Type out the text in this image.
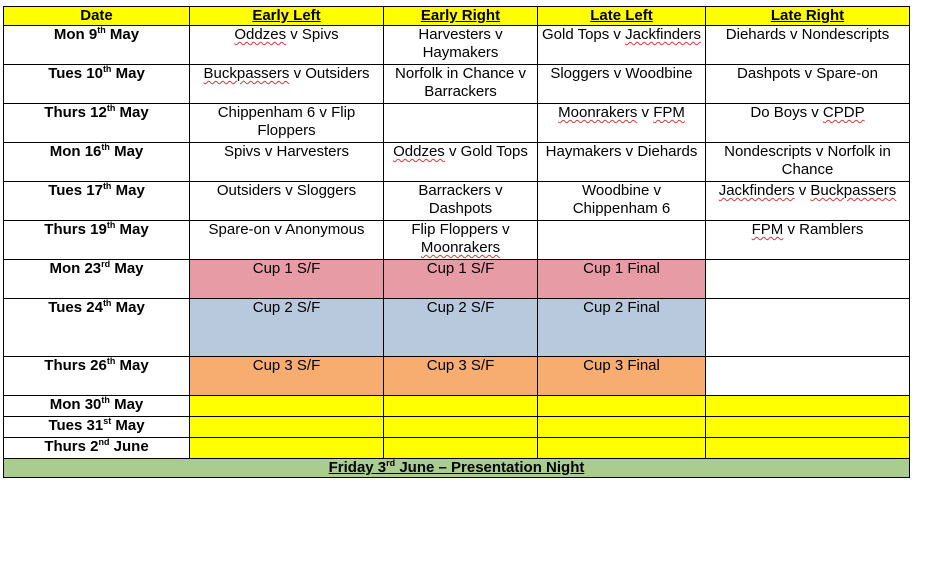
Date	Early Left	Early Right	Late Left	Late Right
Mon 9th May	Oddzes v Spivs	Harvesters v Haymakers	Gold Tops v Jackfinders	Diehards v Nondescripts
Tues 10th May	Buckpassers v Outsiders	Norfolk in Chance v Barrackers	Sloggers v Woodbine	Dashpots v Spare-on
Thurs 12th May	Chippenham 6 v Flip Floppers		Moonrakers v FPM	Do Boys v CPDP
Mon 16th May	Spivs v Harvesters	Oddzes v Gold Tops	Haymakers v Diehards	Nondescripts v Norfolk in Chance
Tues 17th May	Outsiders v Sloggers	Barrackers v Dashpots	Woodbine v Chippenham 6	Jackfinders v Buckpassers
Thurs 19th May	Spare-on v Anonymous	Flip Floppers v Moonrakers		FPM v Ramblers
Mon 23rd May	Cup 1 S/F	Cup 1 S/F	Cup 1 Final	
Tues 24th May	Cup 2 S/F	Cup 2 S/F	Cup 2 Final	
Thurs 26th May	Cup 3 S/F	Cup 3 S/F	Cup 3 Final	
Mon 30th May				
Tues 31st May				
Thurs 2nd June				
Friday 3rd June – Presentation Night				
